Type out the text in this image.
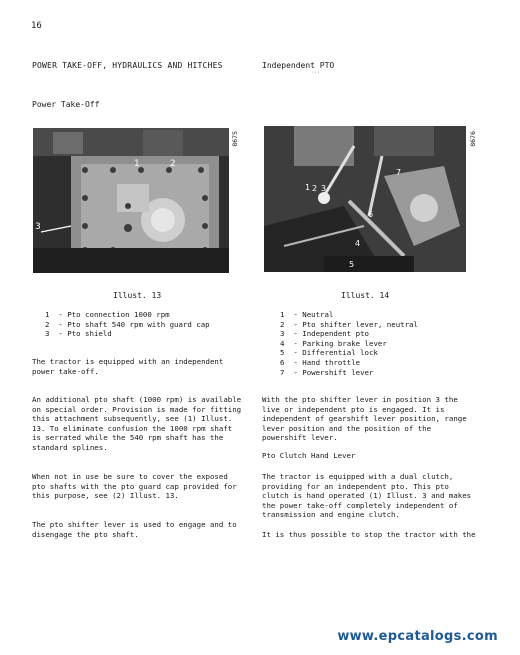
16
POWER TAKE-OFF, HYDRAULICS AND HITCHES	Independent PTO
···
Power Take-Off
1	2
3
8675
1 2 3
4
5
6
7
8676
Illust. 13	Illust. 14
1  - Pto connection 1000 rpm
2  - Pto shaft 540 rpm with guard cap
3  - Pto shield
1  - Neutral
2  - Pto shifter lever, neutral
3  - Independent pto
4  - Parking brake lever
5  - Differential lock
6  - Hand throttle
7  - Powershift lever
The tractor is equipped with an independent power take-off.
An additional pto shaft (1000 rpm) is available on special order. Provision is made for fitting this attachment subsequently, see (1) Illust. 13. To eliminate confusion the 1000 rpm shaft is serrated while the 540 rpm shaft has the standard splines.
When not in use be sure to cover the exposed pto shafts with the pto guard cap provided for this purpose, see (2) Illust. 13.
The pto shifter lever is used to engage and to disengage the pto shaft.
With the pto shifter lever in position 3 the live or independent pto is engaged. It is independent of gearshift lever position, range lever position and the position of the powershift lever.
Pto Clutch Hand Lever
The tractor is equipped with a dual clutch, providing for an independent pto. This pto clutch is hand operated (1) Illust. 3 and makes the power take-off completely independent of transmission and engine clutch.
It is thus possible to stop the tractor with the
www.epcatalogs.com
